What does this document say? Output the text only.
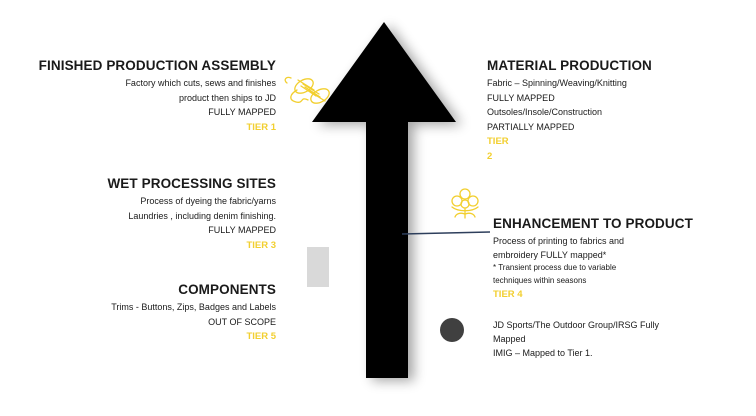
FINISHED PRODUCTION ASSEMBLY
Factory which cuts, sews and finishes
product then ships to JD
FULLY MAPPED
TIER 1
WET PROCESSING SITES
Process of dyeing the fabric/yarns
Laundries , including denim finishing.
FULLY MAPPED
TIER 3
COMPONENTS
Trims - Buttons, Zips, Badges and Labels
OUT OF SCOPE
TIER 5
MATERIAL PRODUCTION
Fabric – Spinning/Weaving/Knitting
FULLY MAPPED
Outsoles/Insole/Construction
PARTIALLY MAPPED
TIER
2
ENHANCEMENT TO PRODUCT
Process of printing to fabrics and
embroidery FULLY mapped*
* Transient process due to variable
techniques within seasons
TIER 4
JD Sports/The Outdoor Group/IRSG Fully
Mapped
IMIG – Mapped to Tier 1.
